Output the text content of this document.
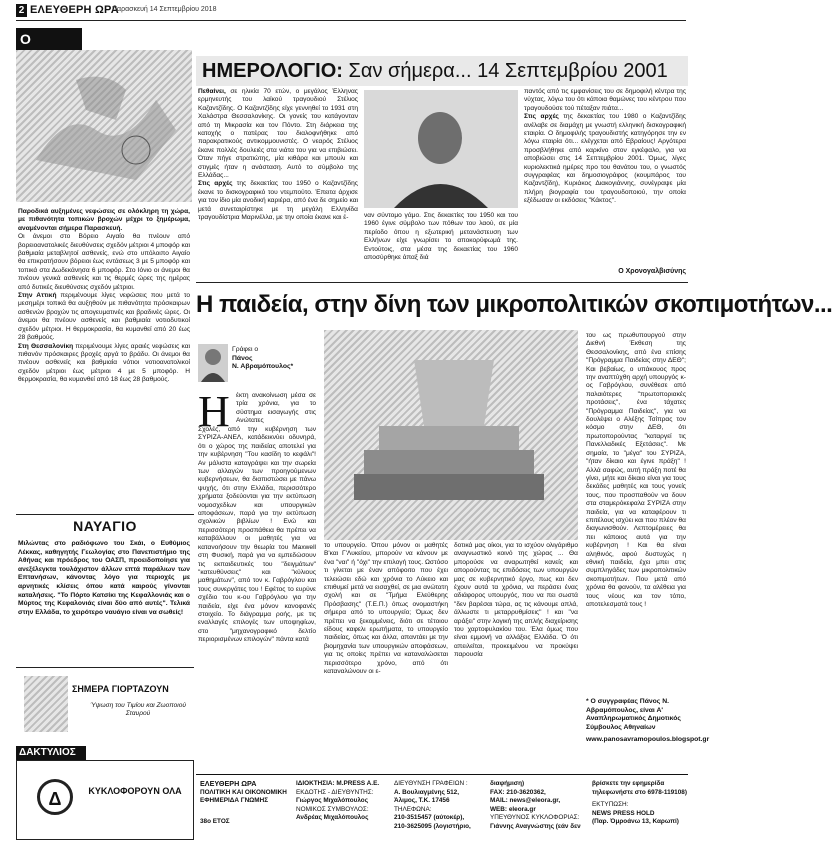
2 ΕΛΕΥΘΕΡΗ ΩΡΑ
Παρασκευή 14 Σεπτεμβρίου 2018
Ο

Παροδικά αυξημένες νεφώσεις σε ολόκληρη τη χώρα, με πιθανότητα τοπικών βροχών μέχρι το ξημέρωμα, αναμένονται σήμερα Παρασκευή.

Οι άνεμοι στο Βόρειο Αιγαίο θα πνέουν από βορειοανατολικές διευθύνσεις σχεδόν μέτριοι 4 μποφόρ και βαθμιαία μεταβλητοί ασθενείς, ενώ στο υπόλοιπο Αιγαίο θα επικρατήσουν βόρειοι έως εντάσεως 3 με 5 μποφόρ και τοπικά στα Δωδεκάνησα 6 μποφόρ. Στο Ιόνιο οι άνεμοι θα πνέουν γενικά ασθενείς και τις θερμές ώρες της ημέρας από δυτικές διευθύνσεις σχεδόν μέτριοι.

Στην Αττική περιμένουμε λίγες νεφώσεις που μετά το μεσημέρι τοπικά θα αυξηθούν με πιθανότητα πρόσκαιρων ασθενών βροχών τις απογευματινές και βραδινές ώρες. Οι άνεμοι θα πνέουν ασθενείς και βαθμιαία νοτιοδυτικοί σχεδόν μέτριοι. Η θερμοκρασία, θα κυμανθεί από 20 έως 28 βαθμούς.

Στη Θεσσαλονίκη περιμένουμε λίγες αραιές νεφώσεις και πιθανόν πρόσκαιρες βροχές αργά το βράδυ. Οι άνεμοι θα πνέουν ασθενείς και βαθμιαία νότιοι νοτιοανατολικοί σχεδόν μέτριοι έως μέτριοι 4 με 5 μποφόρ. Η θερμοκρασία, θα κυμανθεί από 18 έως 28 βαθμούς.

ΝΑΥΑΓΙΟ
Μιλώντας στο ραδιόφωνο του Σκάι, ο Ευθύμιος Λέκκας, καθηγητής Γεωλογίας στο Πανεπιστήμιο της Αθήνας και πρόεδρος του ΟΑΣΠ, προειδοποίησε για ανεξέλεγκτα τουλάχιστον άλλων επτά παράλιων των Επτανήσων, κάνοντας λόγο για περιοχές με αρνητικές κλίσεις όπου κατά καιρούς γίνονται καταλήσεις. "Το Πόρτο Κατσίκι της Κεφαλλονιάς και ο Μύρτος της Κεφαλονιάς είναι δύο από αυτές". Τελικά στην Ελλάδα, το χειρότερο ναυάγιο είναι να σωθείς!
ΣΗΜΕΡΑ ΓΙΟΡΤΑΖΟΥΝ
Ύψωση του Τιμίου και Ζωοποιού Σταυρού
ΔΑΚΤΥΛΙΟΣ
Δ	ΚΥΚΛΟΦΟΡΟΥΝ ΟΛΑ
ΗΜΕΡΟΛΟΓΙΟ: Σαν σήμερα... 14 Σεπτεμβρίου 2001

Πεθαίνει, σε ηλικία 70 ετών, ο μεγάλος Έλληνας ερμηνευτής του λαϊκού τραγουδιού Στέλιος Καζαντζίδης. Ο Καζαντζίδης είχε γεννηθεί το 1931 στη Χαλάστρα Θεσσαλονίκης. Οι γονείς του κατάγονταν από τη Μικρασία και τον Πόντο. Στη διάρκεια της κατοχής ο πατέρας του διαλοφνήθηκε από παρακρατικούς αντικομμουνιστές. Ο νεαρός Στέλιος έκανε πολλές δουλειές στα νιάτα του για να επιβιώσει. Όταν πήγε στρατιώτης, μία κιθάρα και μπουλι και στιγμές ήταν η ανάσταση. Αυτό το σύμβολο της Ελλάδας...

Στις αρχές της δεκαετίας του 1950 ο Καζαντζίδης έκανε το δισκογραφικό του ντεμπούτο. Έπειτα άρχισε για τον ίδιο μία ανοδική καριέρα, από ένα δε σημείο και μετά συνεταιρίστηκε με τη μεγάλη Ελληνίδα τραγουδίστρια Μαρινέλλα, με την οποία έκανε και έ-	ναν σύντομο γάμο. Στις δεκαετίες του 1950 και του 1960 έγινε σύμβολο των πόθων του λαού, σε μία περίοδο όπου η εξωτερική μετανάστευση των Ελλήνων είχε γνωρίσει το αποκορύφωμά της. Εντούτοις, στα μέσα της δεκαετίας του 1960 αποσύρθηκε άπαξ διά

παντός από τις εμφανίσεις του σε δημοφιλή κέντρα της νύχτας, λόγω του ότι κάποια θαμώνες του κέντρου που τραγουδούσε τού πέταξαν πιάτα...

Στις αρχές της δεκαετίας του 1980 ο Καζαντζίδης ανέλαβε σε διαμάχη με γνωστή ελληνική δισκογραφική εταιρία. Ο δημοφιλής τραγουδιστής κατηγόρησε την εν λόγω εταιρία ότι... ελέγχεται από Εβραίους! Αργότερα προσβλήθηκε από καρκίνο στον εγκέφαλο, για να αποβιώσει στις 14 Σεπτεμβρίου 2001. Όμως, λίγες κυριολεκτικά ημέρες προ του θανάτου του, ο γνωστός συγγραφέας και δημοσιογράφος (κουμπάρος του Καζαντζίδη), Κυριάκος Διακογιάννης, συνέγραψε μία πλήρη βιογραφία του τραγουδοποιού, την οποία εξέδωσαν οι εκδόσεις "Κάκτος".

Ο Χρονογαλβισύνης
Η παιδεία, στην δίνη των μικροπολιτικών σκοπιμοτήτων...
Γράφει ο
Πάνος
Ν. Αβραμόπουλος*
Η έκτη ανακοίνωση μέσα σε τρία χρόνια, για το σύστημα εισαγωγής στις Ανώτατες
Σχολές, από την κυβέρνηση των ΣΥΡΙΖΑ-ΑΝΕΛ, κατάδεικνύει οδυνηρά, ότι ο χώρος της παιδείας αποτελεί για την κυβέρνηση "Του κασίδη το κεφάλι"! Αν μάλιστα καταγράψει και την σωρεία των αλλαγών των προηγούμενων κυβερνήσεων, θα διαπιστώσει με πάνω ψυχής, ότι στην Ελλάδα, περισσότερο χρήματα ξοδεύονται για την εκτύπωση νομοσχεδίων και υπουργικών αποφάσεων, παρά για την εκτύπωση σχολικών βιβλίων ! Ενώ και περισσότερη προσπάθεια θα πρέπει να καταβάλλουν οι μαθητές για να κατανοήσουν την θεωρία του Maxwell στη Φυσική, παρά για να εμπεδώσουν τις εκπαιδευτικές του "δειγμάτων" "κατευθύνσεις" και "κύλιους μαθημάτων", από τον κ. Γαβρόγλου και τους συνεργάτες του ! Εφέτος το ευρύνε σχέδιο του κ-ου Γαβρόγλου για την παιδεία, είχε ένα μόνον κανοφανές στοιχείο. Το διάγραμμα ροής, με τις εναλλαγές επιλογές των υποψηφίων, στο "μηχανογραφικό δελτίο περιορισμένων επιλογών" πάντα κατά
το υπουργείο. Όπου μόνον οι μαθητές Β'και Γ'Λυκείου, μπορούν να κάνουν με ένα "ναι" ή "όχι" την επιλογή τους. Ωστόσο τι γίνεται με έναν απόφοιτο που έχει τελειώσει εδώ και χρόνια το Λύκειο και επιθυμεί μετά να εισαχθεί, σε μια ανώτατη σχολή και σε "Τμήμα Ελεύθερης Πρόσβασης" (Τ.Ε.Π.) όπως ονομαστήκη σήμερα από το υπουργείο; Όμως δεν πρέπει να ξεκομμένεις, διότι σε τέτοιου είδους καφελι ερωτήματα, το υπουργείο παιδείας, όπως και άλλα, απαντάει με την βιομηχανία των υπουργικών αποφάσεων, για τις οποίες πρέπει να καταναλώσεται περισσότερο χρόνο, από ότι καταναλώνουν οι ε-
δοτικά μας οίκοι, για το ισχύον ολιγάριθμο αναγνωστικό κοινό της χώρας ... Θα μπορούσε να αναρωτηθεί κανείς και απορούντας τις επιδόσεις των υπουργών μας σε κυβερνητικό έργο, πως και δεν έχουν αυτά τα χρόνια, να περάσει ένας αδιάφορος υπουργός, που να πει σωστά "δεν βαρέσαι τώρα, ας τις κάνουμε απλά, άλλωστε τι μεταρρυθμίσεις" ! και "να αράξει" στην λογική της απλής διαχείρισης του χαρτοφυλακίου του. Έλα όμως που είναι εμμονή να αλλάξεις Ελλάδα. Ό ότι απειλείται, προκειμένου να προκύψει παρουσία
του ως πρωθυπουργού στην Διεθνή Έκθεση της Θεσσαλονίκης, από ένα επίσης "Πρόγραμμα Παιδείας στην ΔΕΘ"; Και βεβαίως, ο υπάκουος προς την αναπτύχθη αρχή υπουργός κ-ος Γαβρόγλου, συνέθεσε από παλαιότερες "πρωτοποριακές προτάσεις", ένα τάχατες "Πρόγραμμα Παιδείας", για να δουλέψει ο Αλέξης Τσίπρας τον κόσμο στην ΔΕΘ, ότι πρωτοπορούντας "καταργεί τις Πανελλαδικές Εξετάσεις". Με σημαία, το "μέγα" του ΣΥΡΙΖΑ, "ήταν δίκαιο και έγινε πράξη" ! Αλλά σαφώς, αυτή πράξη ποτέ θα γίνει, μήτε και δίκαιο είναι για τους δεκάδες μαθητές και τους γονείς τους, που προσπαθούν να δουν στα σταμερόκεφαλα ΣΥΡΙΖΑ στην παιδεία, για να καταφέρουν τι επιτέλους ισχύει και που πλέον θα διαγωνισθούν. Λεπτομέρειες θα πει κάποιος αυτά για την κυβέρνηση ! Και θα είναι αληθινός, αφού δυστυχώς η εθνική παιδεία, έχει μπει στις συμπληγάδες των μικροπολιτικών σκοπιμοτήτων. Που μετά από χρόνια θα φανούν, τα αλέθεια για τους νέους και τον τόπο, αποτελεσματά τους !
* Ο συγγραφέας Πάνος Ν. Αβραμόπουλος, είναι Α' Αναπληρωματικός Δημοτικός Σύμβουλος Αθηναίων
www.panosavramopoulos.blogspot.gr
ΕΛΕΥΘΕΡΗ ΩΡΑ
ΠΟΛΙΤΙΚΗ ΚΑΙ ΟΙΚΟΝΟΜΙΚΗ
ΕΦΗΜΕΡΙΔΑ ΓΝΩΜΗΣ
38o ΕΤΟΣ
ΙΔΙΟΚΤΗΣΙΑ: M.PRESS A.E.
ΕΚΔΟΤΗΣ - ΔΙΕΥΘΥΝΤΗΣ:
Γιώργος Μιχαλόπουλος
ΝΟΜΙΚΟΣ ΣΥΜΒΟΥΛΟΣ:
Ανδρέας Μιχαλόπουλος
ΔΙΕΥΘΥΝΣΗ ΓΡΑΦΕΙΩΝ :
Α. Βουλιαγμένης 512,
Άλιμος, Τ.Κ. 17456
ΤΗΛΕΦΩΝΑ:
210-3515457 (αύτοκέρ),
210-3625095 (λογιστήριο,
διαφήμιση)
FAX: 210-3620362,
MAIL: news@eleora.gr,
WEB: eleora.gr
ΥΠΕΥΘΥΝΟΣ ΚΥΚΛΟΦΟΡΙΑΣ:
Γιάννης Αναγνώστης (εάν δεν
βρίσκετε την εφημερίδα τηλεφωνήστε στο 6978-119108)
ΕΚΤΥΠΩΣΗ:
NEWS PRESS HOLD
(Παρ. Όμροάνω 13, Καρωπί)
